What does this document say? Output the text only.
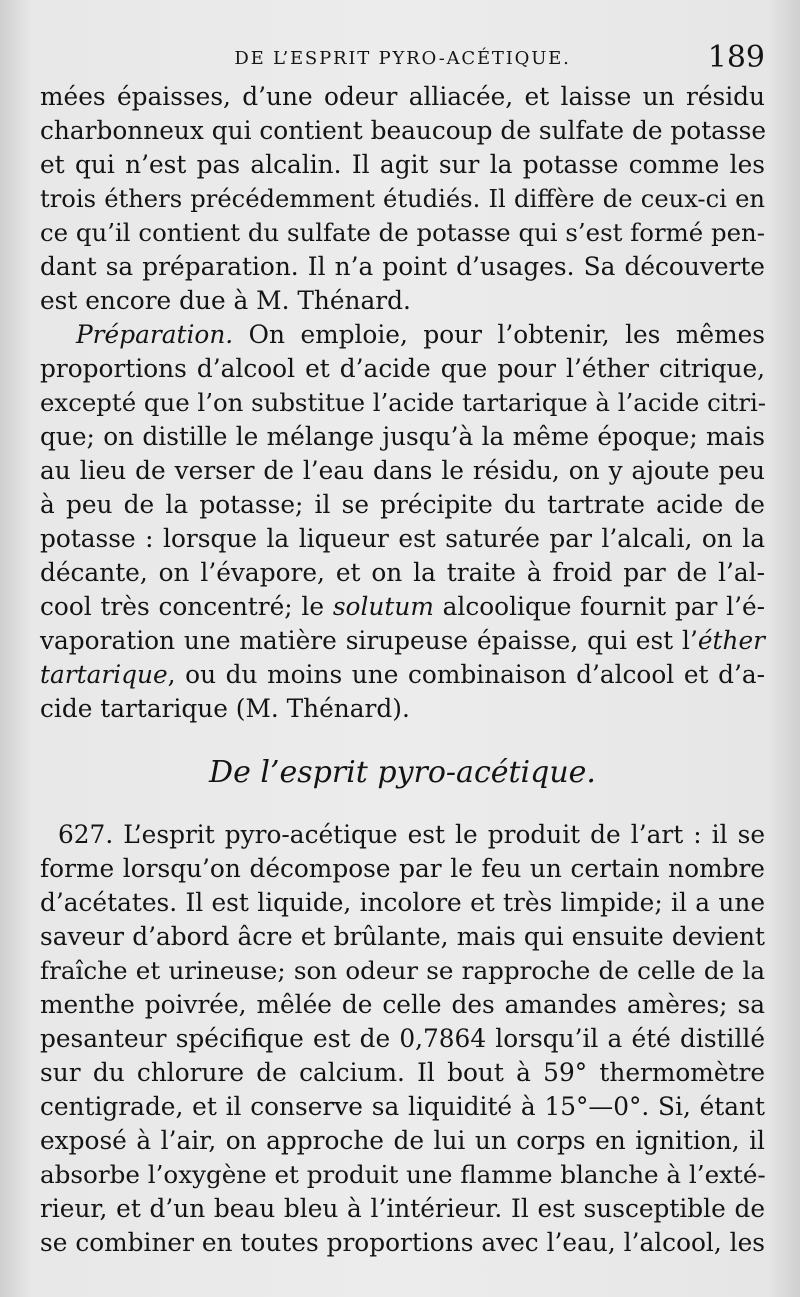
DE L’ESPRIT PYRO-ACÉTIQUE.	189
mées épaisses, d’une odeur alliacée, et laisse un résidu
charbonneux qui contient beaucoup de sulfate de potasse
et qui n’est pas alcalin. Il agit sur la potasse comme les
trois éthers précédemment étudiés. Il diffère de ceux-ci en
ce qu’il contient du sulfate de potasse qui s’est formé pen-
dant sa préparation. Il n’a point d’usages. Sa découverte
est encore due à M. Thénard.
Préparation. On emploie, pour l’obtenir, les mêmes
proportions d’alcool et d’acide que pour l’éther citrique,
excepté que l’on substitue l’acide tartarique à l’acide citri-
que; on distille le mélange jusqu’à la même époque; mais
au lieu de verser de l’eau dans le résidu, on y ajoute peu
à peu de la potasse; il se précipite du tartrate acide de
potasse : lorsque la liqueur est saturée par l’alcali, on la
décante, on l’évapore, et on la traite à froid par de l’al-
cool très concentré; le solutum alcoolique fournit par l’é-
vaporation une matière sirupeuse épaisse, qui est l’éther
tartarique, ou du moins une combinaison d’alcool et d’a-
cide tartarique (M. Thénard).
De l’esprit pyro-acétique.
627. L’esprit pyro-acétique est le produit de l’art : il se
forme lorsqu’on décompose par le feu un certain nombre
d’acétates. Il est liquide, incolore et très limpide; il a une
saveur d’abord âcre et brûlante, mais qui ensuite devient
fraîche et urineuse; son odeur se rapproche de celle de la
menthe poivrée, mêlée de celle des amandes amères; sa
pesanteur spécifique est de 0,7864 lorsqu’il a été distillé
sur du chlorure de calcium. Il bout à 59° thermomètre
centigrade, et il conserve sa liquidité à 15°—0°. Si, étant
exposé à l’air, on approche de lui un corps en ignition, il
absorbe l’oxygène et produit une flamme blanche à l’exté-
rieur, et d’un beau bleu à l’intérieur. Il est susceptible de
se combiner en toutes proportions avec l’eau, l’alcool, les
